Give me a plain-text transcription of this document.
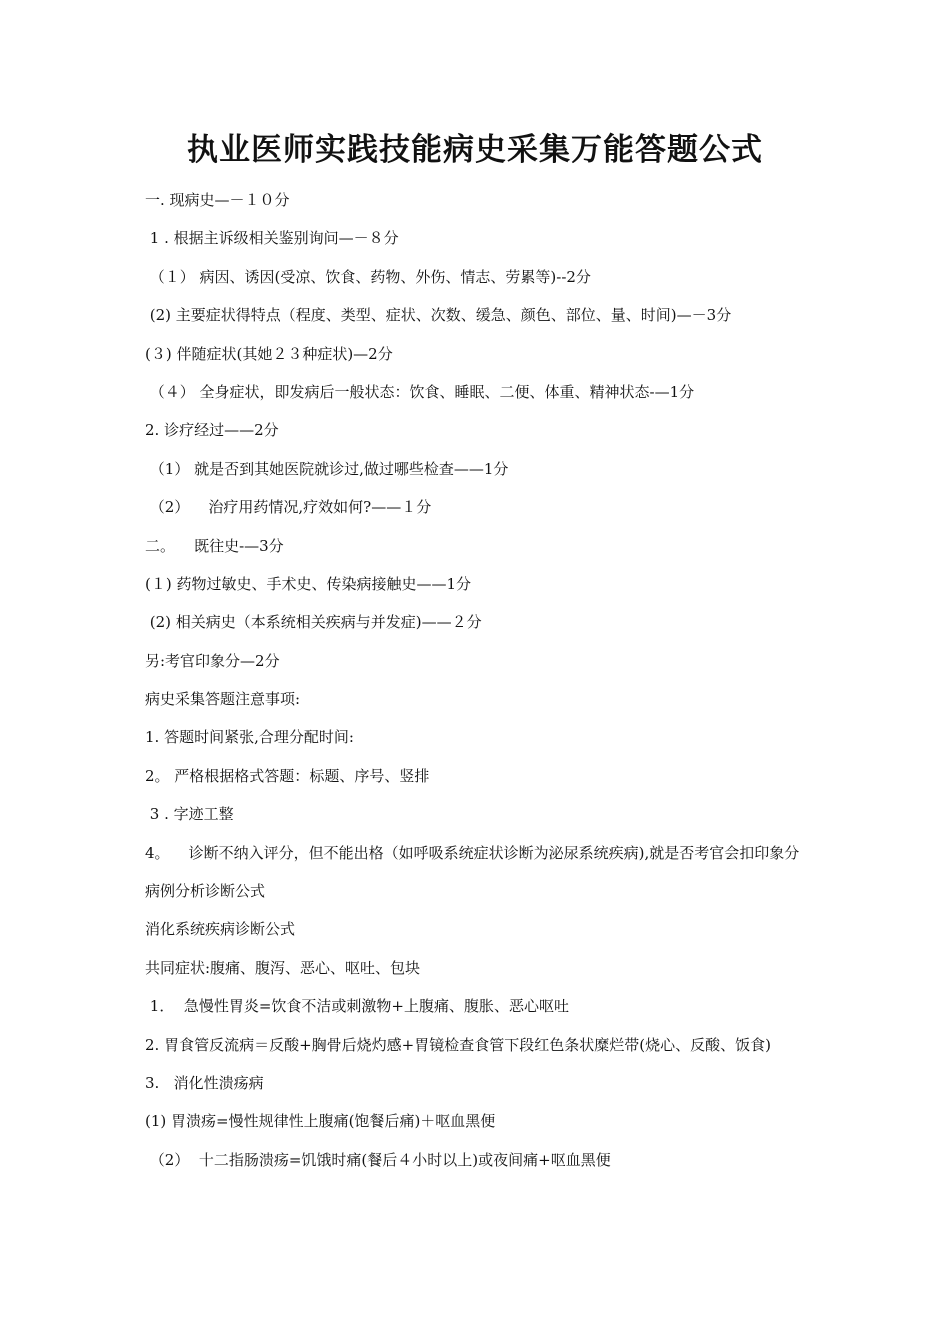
执业医师实践技能病史采集万能答题公式
一. 现病史—－１０分
1 . 根据主诉级相关鉴别询问—－８分
（１） 病因、诱因(受凉、饮食、药物、外伤、情志、劳累等)--2分
(2) 主要症状得特点（程度、类型、症状、次数、缓急、颜色、部位、量、时间)—－3分
(３) 伴随症状(其她２３种症状)—2分
（４） 全身症状，即发病后一般状态：饮食、睡眠、二便、体重、精神状态-—1分
2. 诊疗经过——2分
（1） 就是否到其她医院就诊过,做过哪些检查——1分
（2）    治疗用药情况,疗效如何?——１分
二。    既往史-—3分
(１) 药物过敏史、手术史、传染病接触史——1分
(2) 相关病史（本系统相关疾病与并发症)——２分
另:考官印象分—2分
病史采集答题注意事项:
1. 答题时间紧张,合理分配时间:
2。 严格根据格式答题：标题、序号、竖排
3 . 字迹工整
4。    诊断不纳入评分，但不能出格（如呼吸系统症状诊断为泌尿系统疾病),就是否考官会扣印象分
病例分析诊断公式
消化系统疾病诊断公式
共同症状:腹痛、腹泻、恶心、呕吐、包块
1．  急慢性胃炎=饮食不洁或刺激物+上腹痛、腹胀、恶心呕吐
2. 胃食管反流病＝反酸+胸骨后烧灼感+胃镜检查食管下段红色条状糜烂带(烧心、反酸、饭食)
3.   消化性溃疡病
(1) 胃溃疡=慢性规律性上腹痛(饱餐后痛)＋呕血黑便
（2）  十二指肠溃疡=饥饿时痛(餐后４小时以上)或夜间痛+呕血黑便
